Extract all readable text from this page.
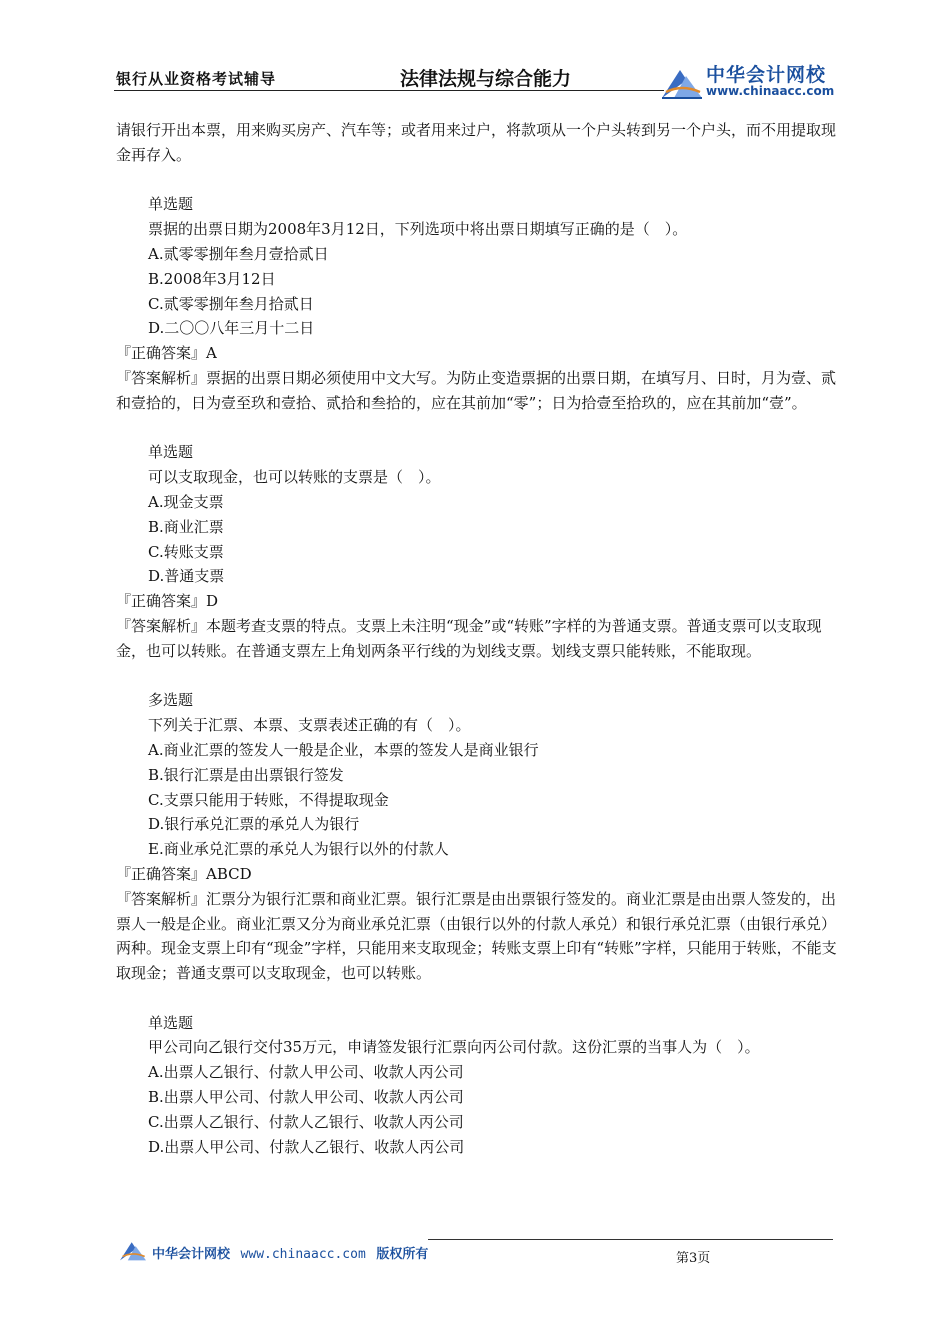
银行从业资格考试辅导	法律法规与综合能力	中华会计网校
www.chinaacc.com
请银行开出本票，用来购买房产、汽车等；或者用来过户，将款项从一个户头转到另一个户头，而不用提取现金再存入。
单选题
票据的出票日期为2008年3月12日，下列选项中将出票日期填写正确的是（　）。
A.贰零零捌年叁月壹拾贰日
B.2008年3月12日
C.贰零零捌年叁月拾贰日
D.二〇〇八年三月十二日
『正确答案』A
『答案解析』票据的出票日期必须使用中文大写。为防止变造票据的出票日期，在填写月、日时，月为壹、贰和壹拾的，日为壹至玖和壹拾、贰拾和叁拾的，应在其前加“零”；日为拾壹至拾玖的，应在其前加“壹”。
单选题
可以支取现金，也可以转账的支票是（　）。
A.现金支票
B.商业汇票
C.转账支票
D.普通支票
『正确答案』D
『答案解析』本题考查支票的特点。支票上未注明“现金”或“转账”字样的为普通支票。普通支票可以支取现金，也可以转账。在普通支票左上角划两条平行线的为划线支票。划线支票只能转账，不能取现。
多选题
下列关于汇票、本票、支票表述正确的有（　）。
A.商业汇票的签发人一般是企业，本票的签发人是商业银行
B.银行汇票是由出票银行签发
C.支票只能用于转账，不得提取现金
D.银行承兑汇票的承兑人为银行
E.商业承兑汇票的承兑人为银行以外的付款人
『正确答案』ABCD
『答案解析』汇票分为银行汇票和商业汇票。银行汇票是由出票银行签发的。商业汇票是由出票人签发的，出票人一般是企业。商业汇票又分为商业承兑汇票（由银行以外的付款人承兑）和银行承兑汇票（由银行承兑）两种。现金支票上印有“现金”字样，只能用来支取现金；转账支票上印有“转账”字样，只能用于转账，不能支取现金；普通支票可以支取现金，也可以转账。
单选题
甲公司向乙银行交付35万元，申请签发银行汇票向丙公司付款。这份汇票的当事人为（　）。
A.出票人乙银行、付款人甲公司、收款人丙公司
B.出票人甲公司、付款人甲公司、收款人丙公司
C.出票人乙银行、付款人乙银行、收款人丙公司
D.出票人甲公司、付款人乙银行、收款人丙公司
中华会计网校 www.chinaacc.com 版权所有	第3页
